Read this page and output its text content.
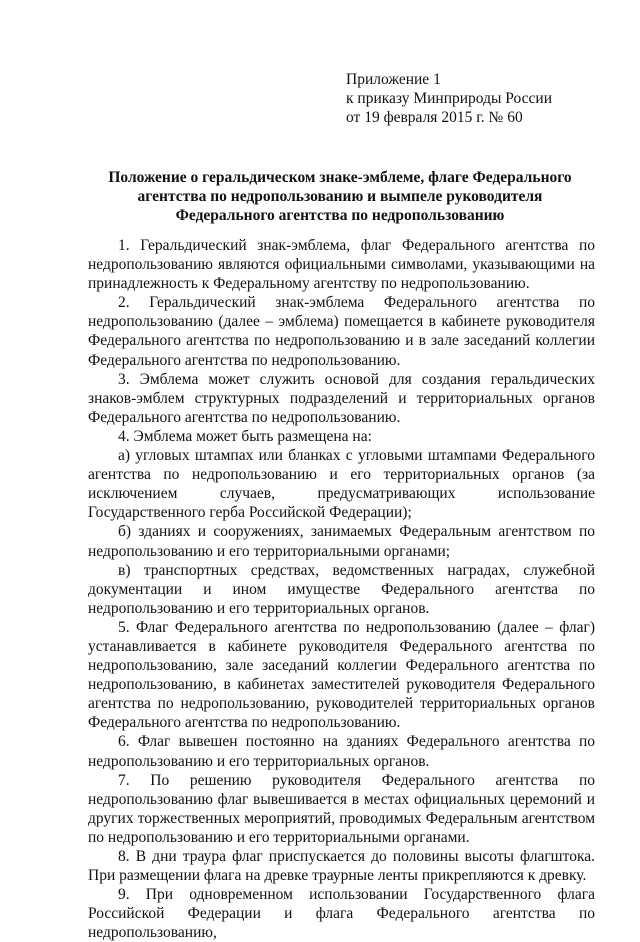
Приложение 1
к приказу Минприроды России
от 19 февраля 2015 г. № 60
Положение о геральдическом знаке-эмблеме, флаге Федерального агентства по недропользованию и вымпеле руководителя Федерального агентства по недропользованию

1. Геральдический знак-эмблема, флаг Федерального агентства по недропользованию являются официальными символами, указывающими на принадлежность к Федеральному агентству по недропользованию.

2. Геральдический знак-эмблема Федерального агентства по недропользованию (далее – эмблема) помещается в кабинете руководителя Федерального агентства по недропользованию и в зале заседаний коллегии Федерального агентства по недропользованию.

3. Эмблема может служить основой для создания геральдических знаков-эмблем структурных подразделений и территориальных органов Федерального агентства по недропользованию.

4. Эмблема может быть размещена на:

а) угловых штампах или бланках с угловыми штампами Федерального агентства по недропользованию и его территориальных органов (за исключением случаев, предусматривающих использование Государственного герба Российской Федерации);

б) зданиях и сооружениях, занимаемых Федеральным агентством по недропользованию и его территориальными органами;

в) транспортных средствах, ведомственных наградах, служебной документации и ином имуществе Федерального агентства по недропользованию и его территориальных органов.

5. Флаг Федерального агентства по недропользованию (далее – флаг) устанавливается в кабинете руководителя Федерального агентства по недропользованию, зале заседаний коллегии Федерального агентства по недропользованию, в кабинетах заместителей руководителя Федерального агентства по недропользованию, руководителей территориальных органов Федерального агентства по недропользованию.

6. Флаг вывешен постоянно на зданиях Федерального агентства по недропользованию и его территориальных органов.

7. По решению руководителя Федерального агентства по недропользованию флаг вывешивается в местах официальных церемоний и других торжественных мероприятий, проводимых Федеральным агентством по недропользованию и его территориальными органами.

8. В дни траура флаг приспускается до половины высоты флагштока. При размещении флага на древке траурные ленты прикрепляются к древку.

9. При одновременном использовании Государственного флага Российской Федерации и флага Федерального агентства по недропользованию,
